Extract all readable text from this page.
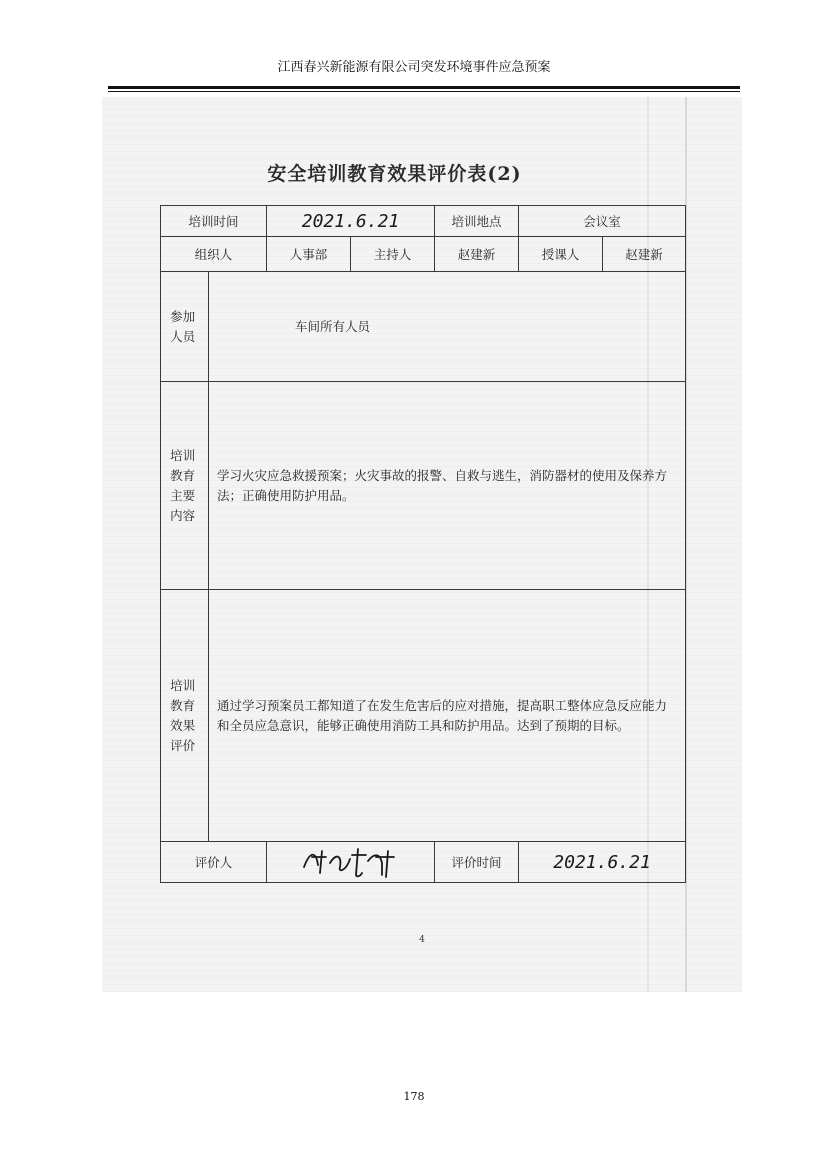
江西春兴新能源有限公司突发环境事件应急预案
安全培训教育效果评价表(2)
培训时间		2021.6.21		培训地点	会议室	
组织人		人事部	主持人	赵建新	授课人	赵建新
参加人员	车间所有人员					
培训教育主要内容	学习火灾应急救援预案；火灾事故的报警、自救与逃生，消防器材的使用及保养方法；正确使用防护用品。					
培训教育效果评价	通过学习预案员工都知道了在发生危害后的应对措施，提高职工整体应急反应能力和全员应急意识，能够正确使用消防工具和防护用品。达到了预期的目标。					
评价人				评价时间	2021.6.21	
4
178
